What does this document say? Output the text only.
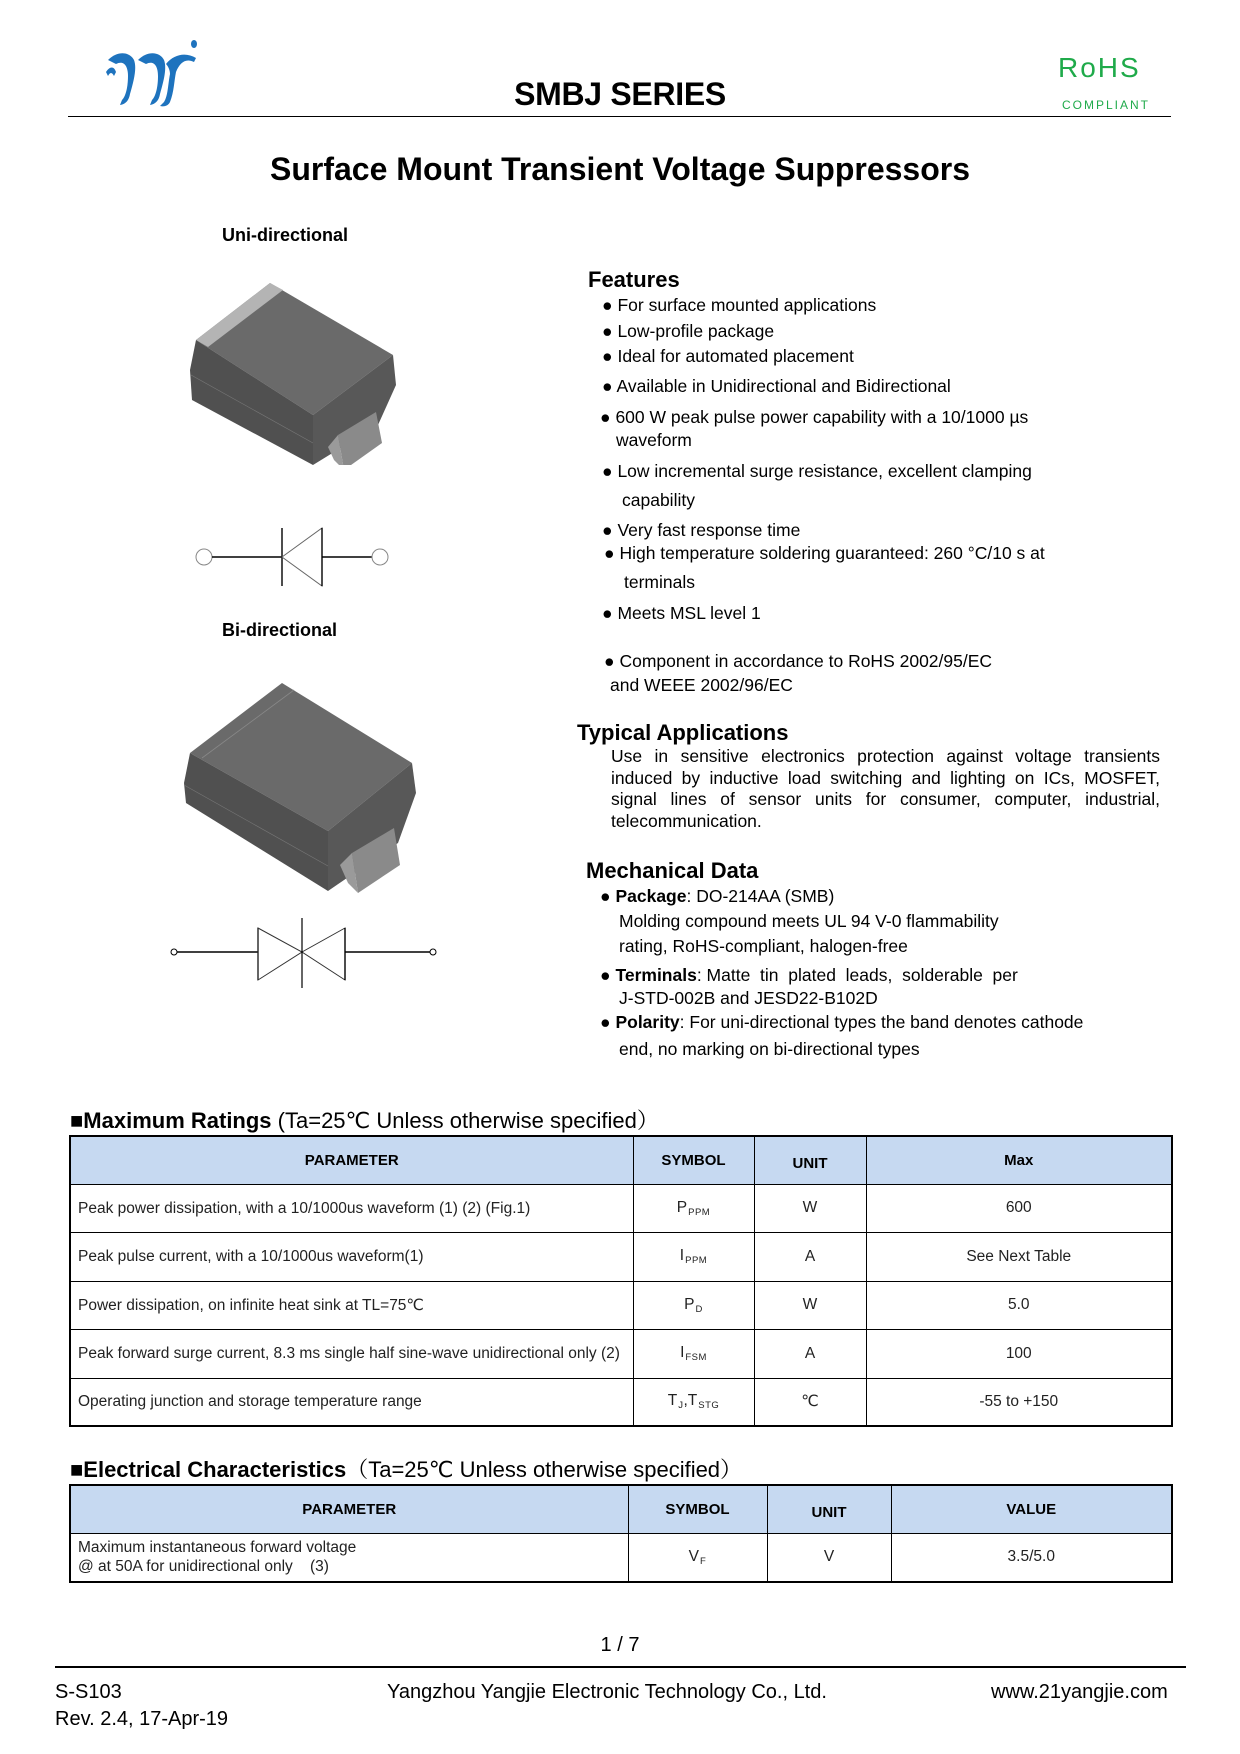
SMBJ SERIES
RoHS
COMPLIANT
Surface Mount Transient Voltage Suppressors
Uni-directional
Bi-directional
Features
● For surface mounted applications
● Low-profile package
● Ideal for automated placement
● Available in Unidirectional and Bidirectional
● 600 W peak pulse power capability with a 10/1000 µs
waveform
● Low incremental surge resistance, excellent clamping
capability
● Very fast response time
● High temperature soldering guaranteed: 260 °C/10 s at
terminals
● Meets MSL level 1
● Component in accordance to RoHS 2002/95/EC
and WEEE 2002/96/EC
Typical Applications
Use in sensitive electronics protection against voltage transients induced by inductive load switching and lighting on ICs, MOSFET, signal lines of sensor units for consumer, computer, industrial, telecommunication.
Mechanical Data
● Package: DO-214AA (SMB)
Molding compound meets UL 94 V-0 flammability
rating, RoHS-compliant, halogen-free
● Terminals: Matte  tin  plated  leads,  solderable  per
J-STD-002B and JESD22-B102D
● Polarity: For uni-directional types the band denotes cathode
end, no marking on bi-directional types
■Maximum Ratings (Ta=25℃ Unless otherwise specified）
PARAMETER	SYMBOL	UNIT	Max
Peak power dissipation, with a 10/1000us waveform (1) (2) (Fig.1)	$P_{PPM}$	W	600
Peak pulse current, with a 10/1000us waveform(1)	$I_{PPM}$	A	See Next Table
Power dissipation, on infinite heat sink at TL=75℃	$P_D$	W	5.0
Peak forward surge current, 8.3 ms single half sine-wave unidirectional only (2)	$I_{FSM}$	A	100
Operating junction and storage temperature range	$T_J,T_{STG}$	℃	-55 to +150
■Electrical Characteristics（Ta=25℃ Unless otherwise specified）
PARAMETER	SYMBOL	UNIT	VALUE

Maximum instantaneous forward voltage
@ at 50A for unidirectional only    (3)	$V_F$	V	3.5/5.0
1 / 7
S-S103
Rev. 2.4, 17-Apr-19
Yangzhou Yangjie Electronic Technology Co., Ltd.	www.21yangjie.com
